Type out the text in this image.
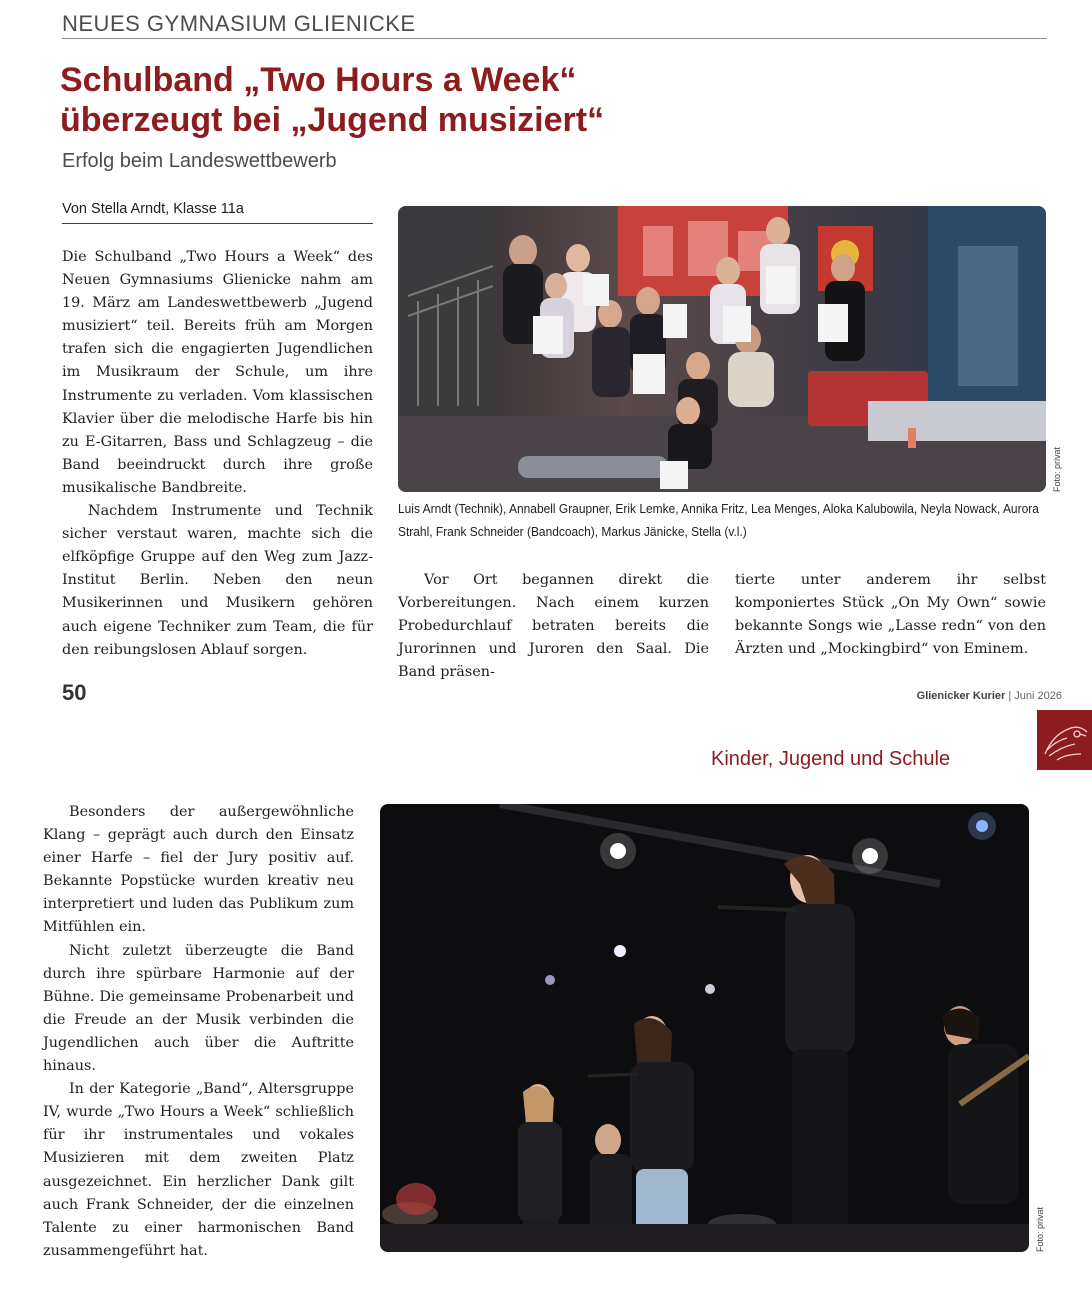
NEUES GYMNASIUM GLIENICKE
Schulband „Two Hours a Week“
überzeugt bei „Jugend musiziert“
Erfolg beim Landeswettbewerb
Von Stella Arndt, Klasse 11a

Die Schulband „Two Hours a Week“ des Neuen Gymnasiums Glienicke nahm am 19. März am Landeswettbewerb „Jugend musiziert“ teil. Bereits früh am Morgen trafen sich die engagierten Jugendlichen im Musikraum der Schule, um ihre Instrumente zu verladen. Vom klassischen Klavier über die melodische Harfe bis hin zu E-Gitarren, Bass und Schlagzeug – die Band beeindruckt durch ihre große musikalische Bandbreite.

Nachdem Instrumente und Technik sicher verstaut waren, machte sich die elfköpfige Gruppe auf den Weg zum Jazz-Institut Berlin. Neben den neun Musikerinnen und Musikern gehören auch eigene Techniker zum Team, die für den reibungslosen Ablauf sorgen.

Foto: privat
Luis Arndt (Technik), Annabell Graupner, Erik Lemke, Annika Fritz, Lea Menges, Aloka Kalubowila, Neyla Nowack, Aurora Strahl, Frank Schneider (Bandcoach), Markus Jänicke, Stella (v.l.)

Vor Ort begannen direkt die Vorbereitungen. Nach einem kurzen Probedurchlauf betraten bereits die Jurorinnen und Juroren den Saal. Die Band präsen-

tierte unter anderem ihr selbst komponiertes Stück „On My Own“ sowie bekannte Songs wie „Lasse redn“ von den Ärzten und „Mockingbird“ von Eminem.

50	Glienicker Kurier | Juni 2026
Kinder, Jugend und Schule

Besonders der außergewöhnliche Klang – geprägt auch durch den Einsatz einer Harfe – fiel der Jury positiv auf. Bekannte Popstücke wurden kreativ neu interpretiert und luden das Publikum zum Mitfühlen ein.

Nicht zuletzt überzeugte die Band durch ihre spürbare Harmonie auf der Bühne. Die gemeinsame Probenarbeit und die Freude an der Musik verbinden die Jugendlichen auch über die Auftritte hinaus.

In der Kategorie „Band“, Altersgruppe IV, wurde „Two Hours a Week“ schließlich für ihr instrumentales und vokales Musizieren mit dem zweiten Platz ausgezeichnet. Ein herzlicher Dank gilt auch Frank Schneider, der die einzelnen Talente zu einer harmonischen Band zusammengeführt hat.	Foto: privat
